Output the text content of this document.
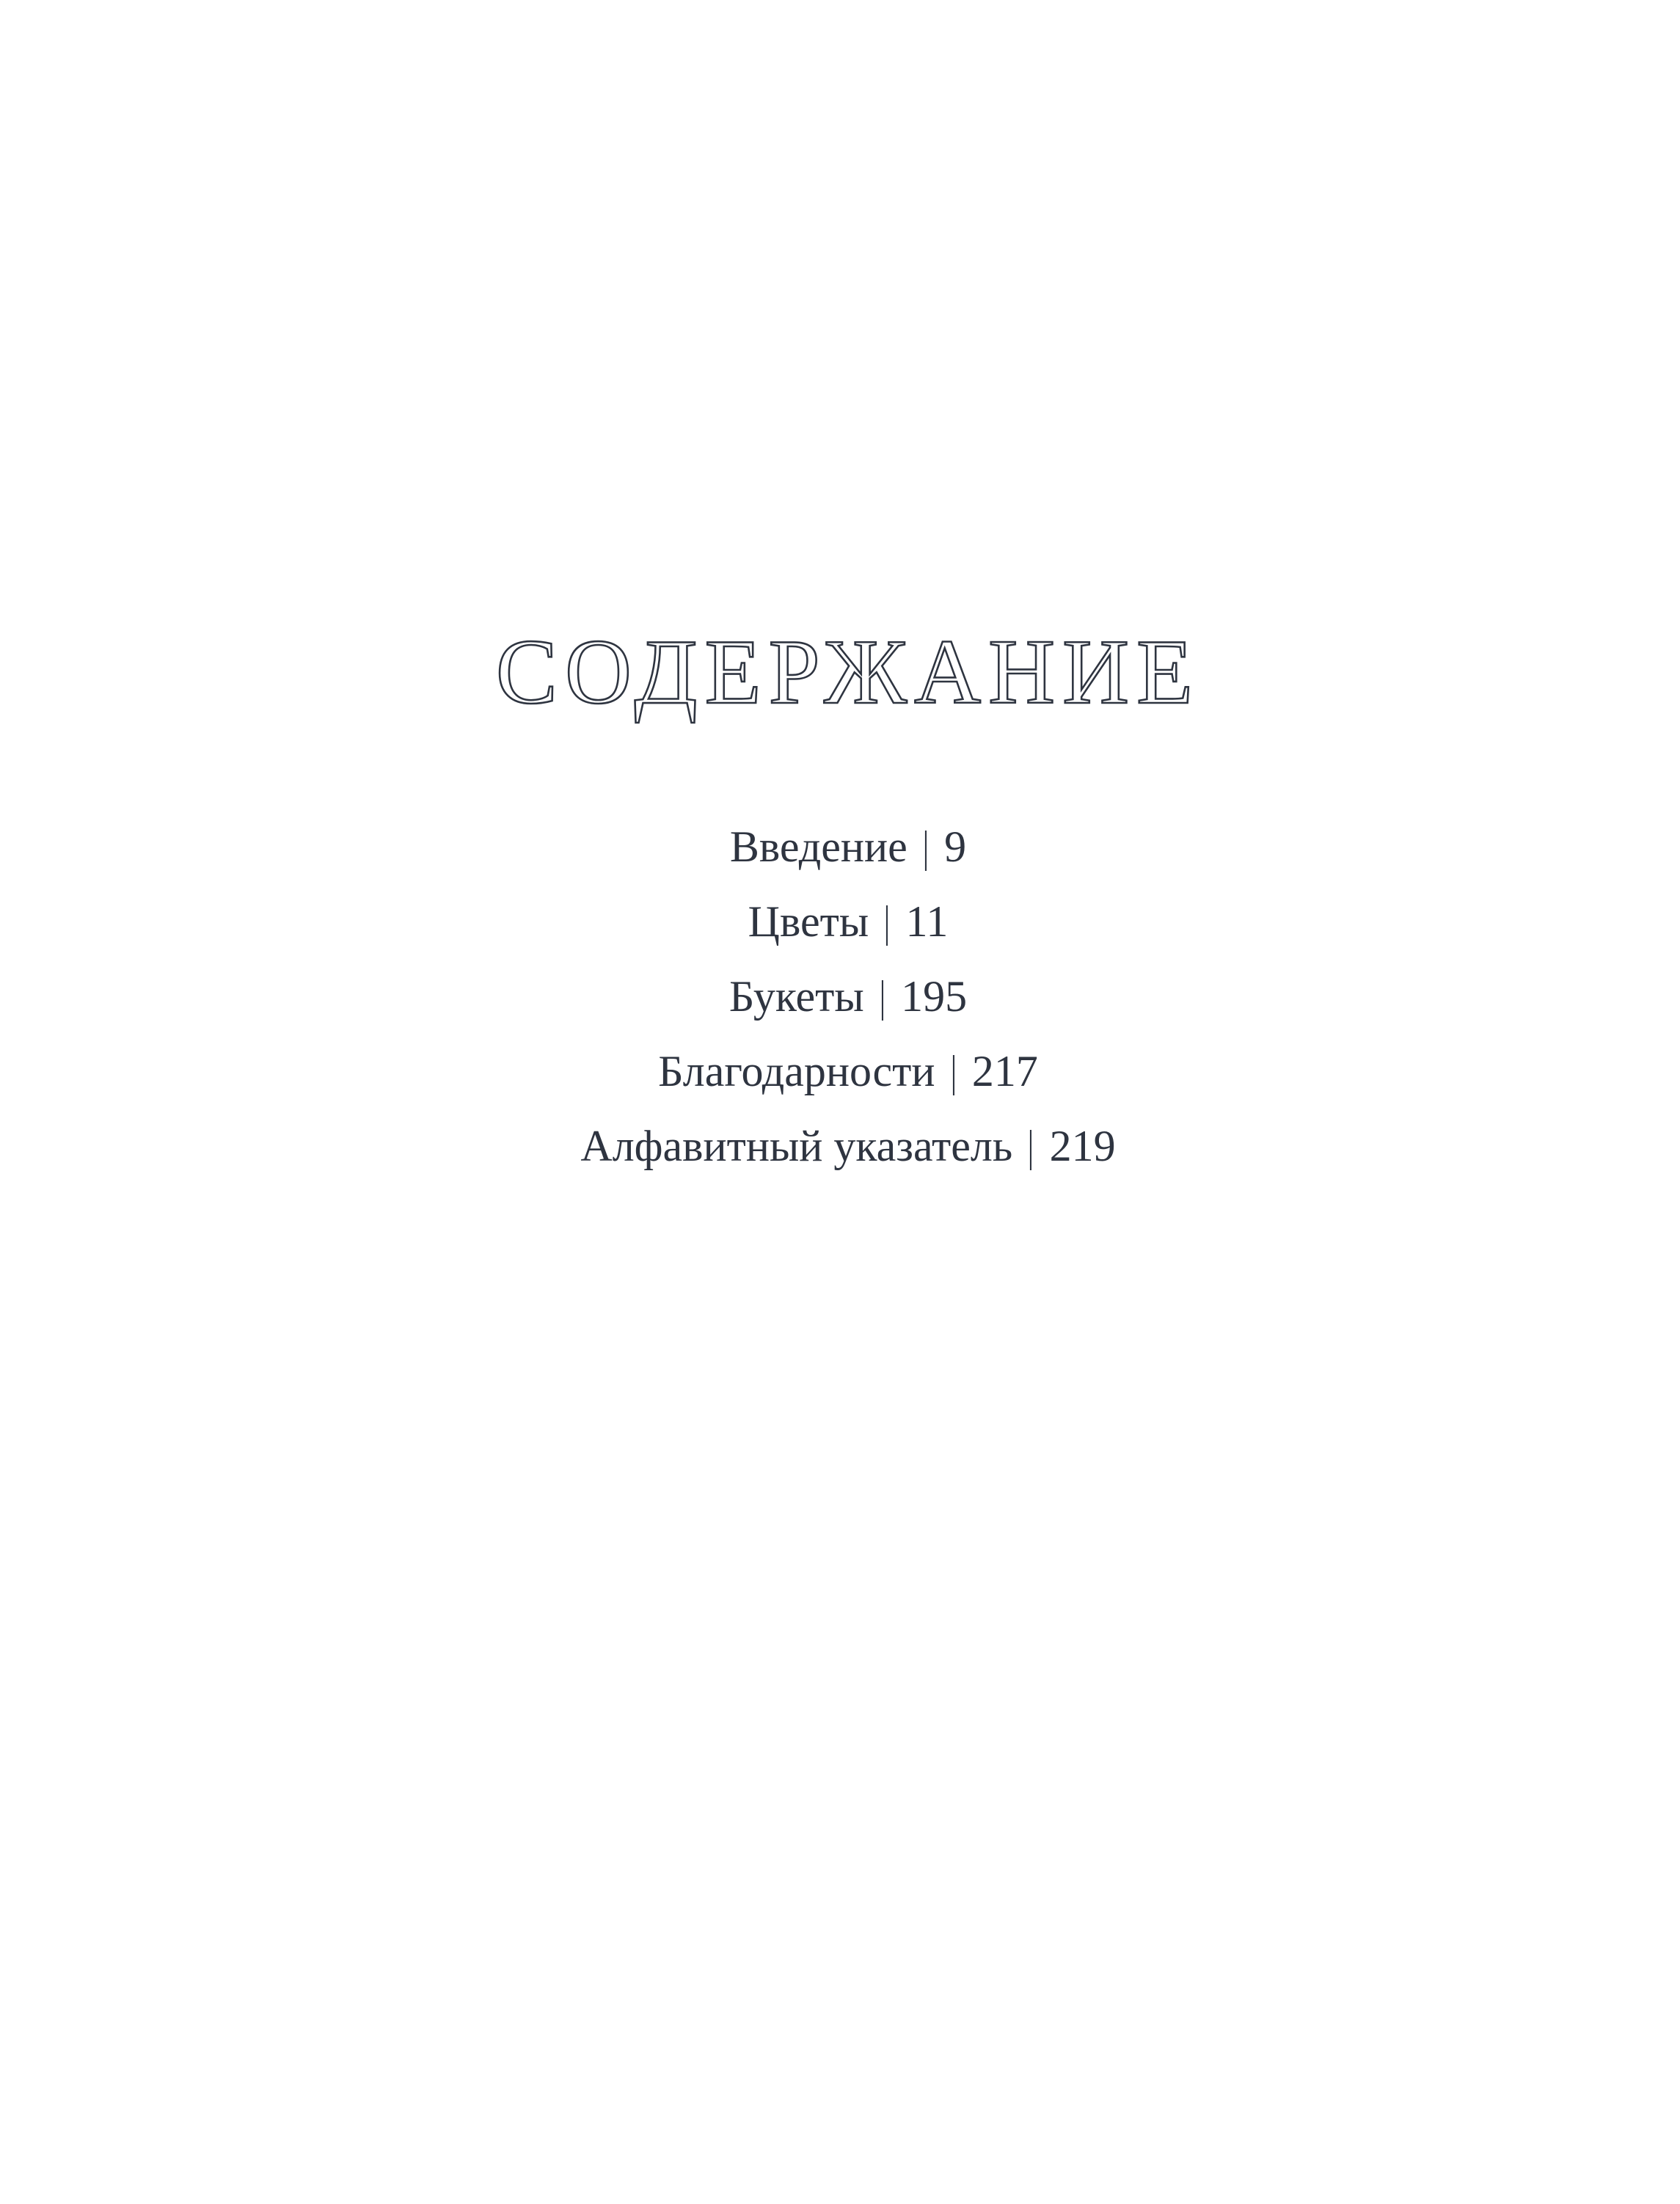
СОДЕРЖАНИЕ
Введение | 9
Цветы | 11
Букеты | 195
Благодарности | 217
Алфавитный указатель | 219
